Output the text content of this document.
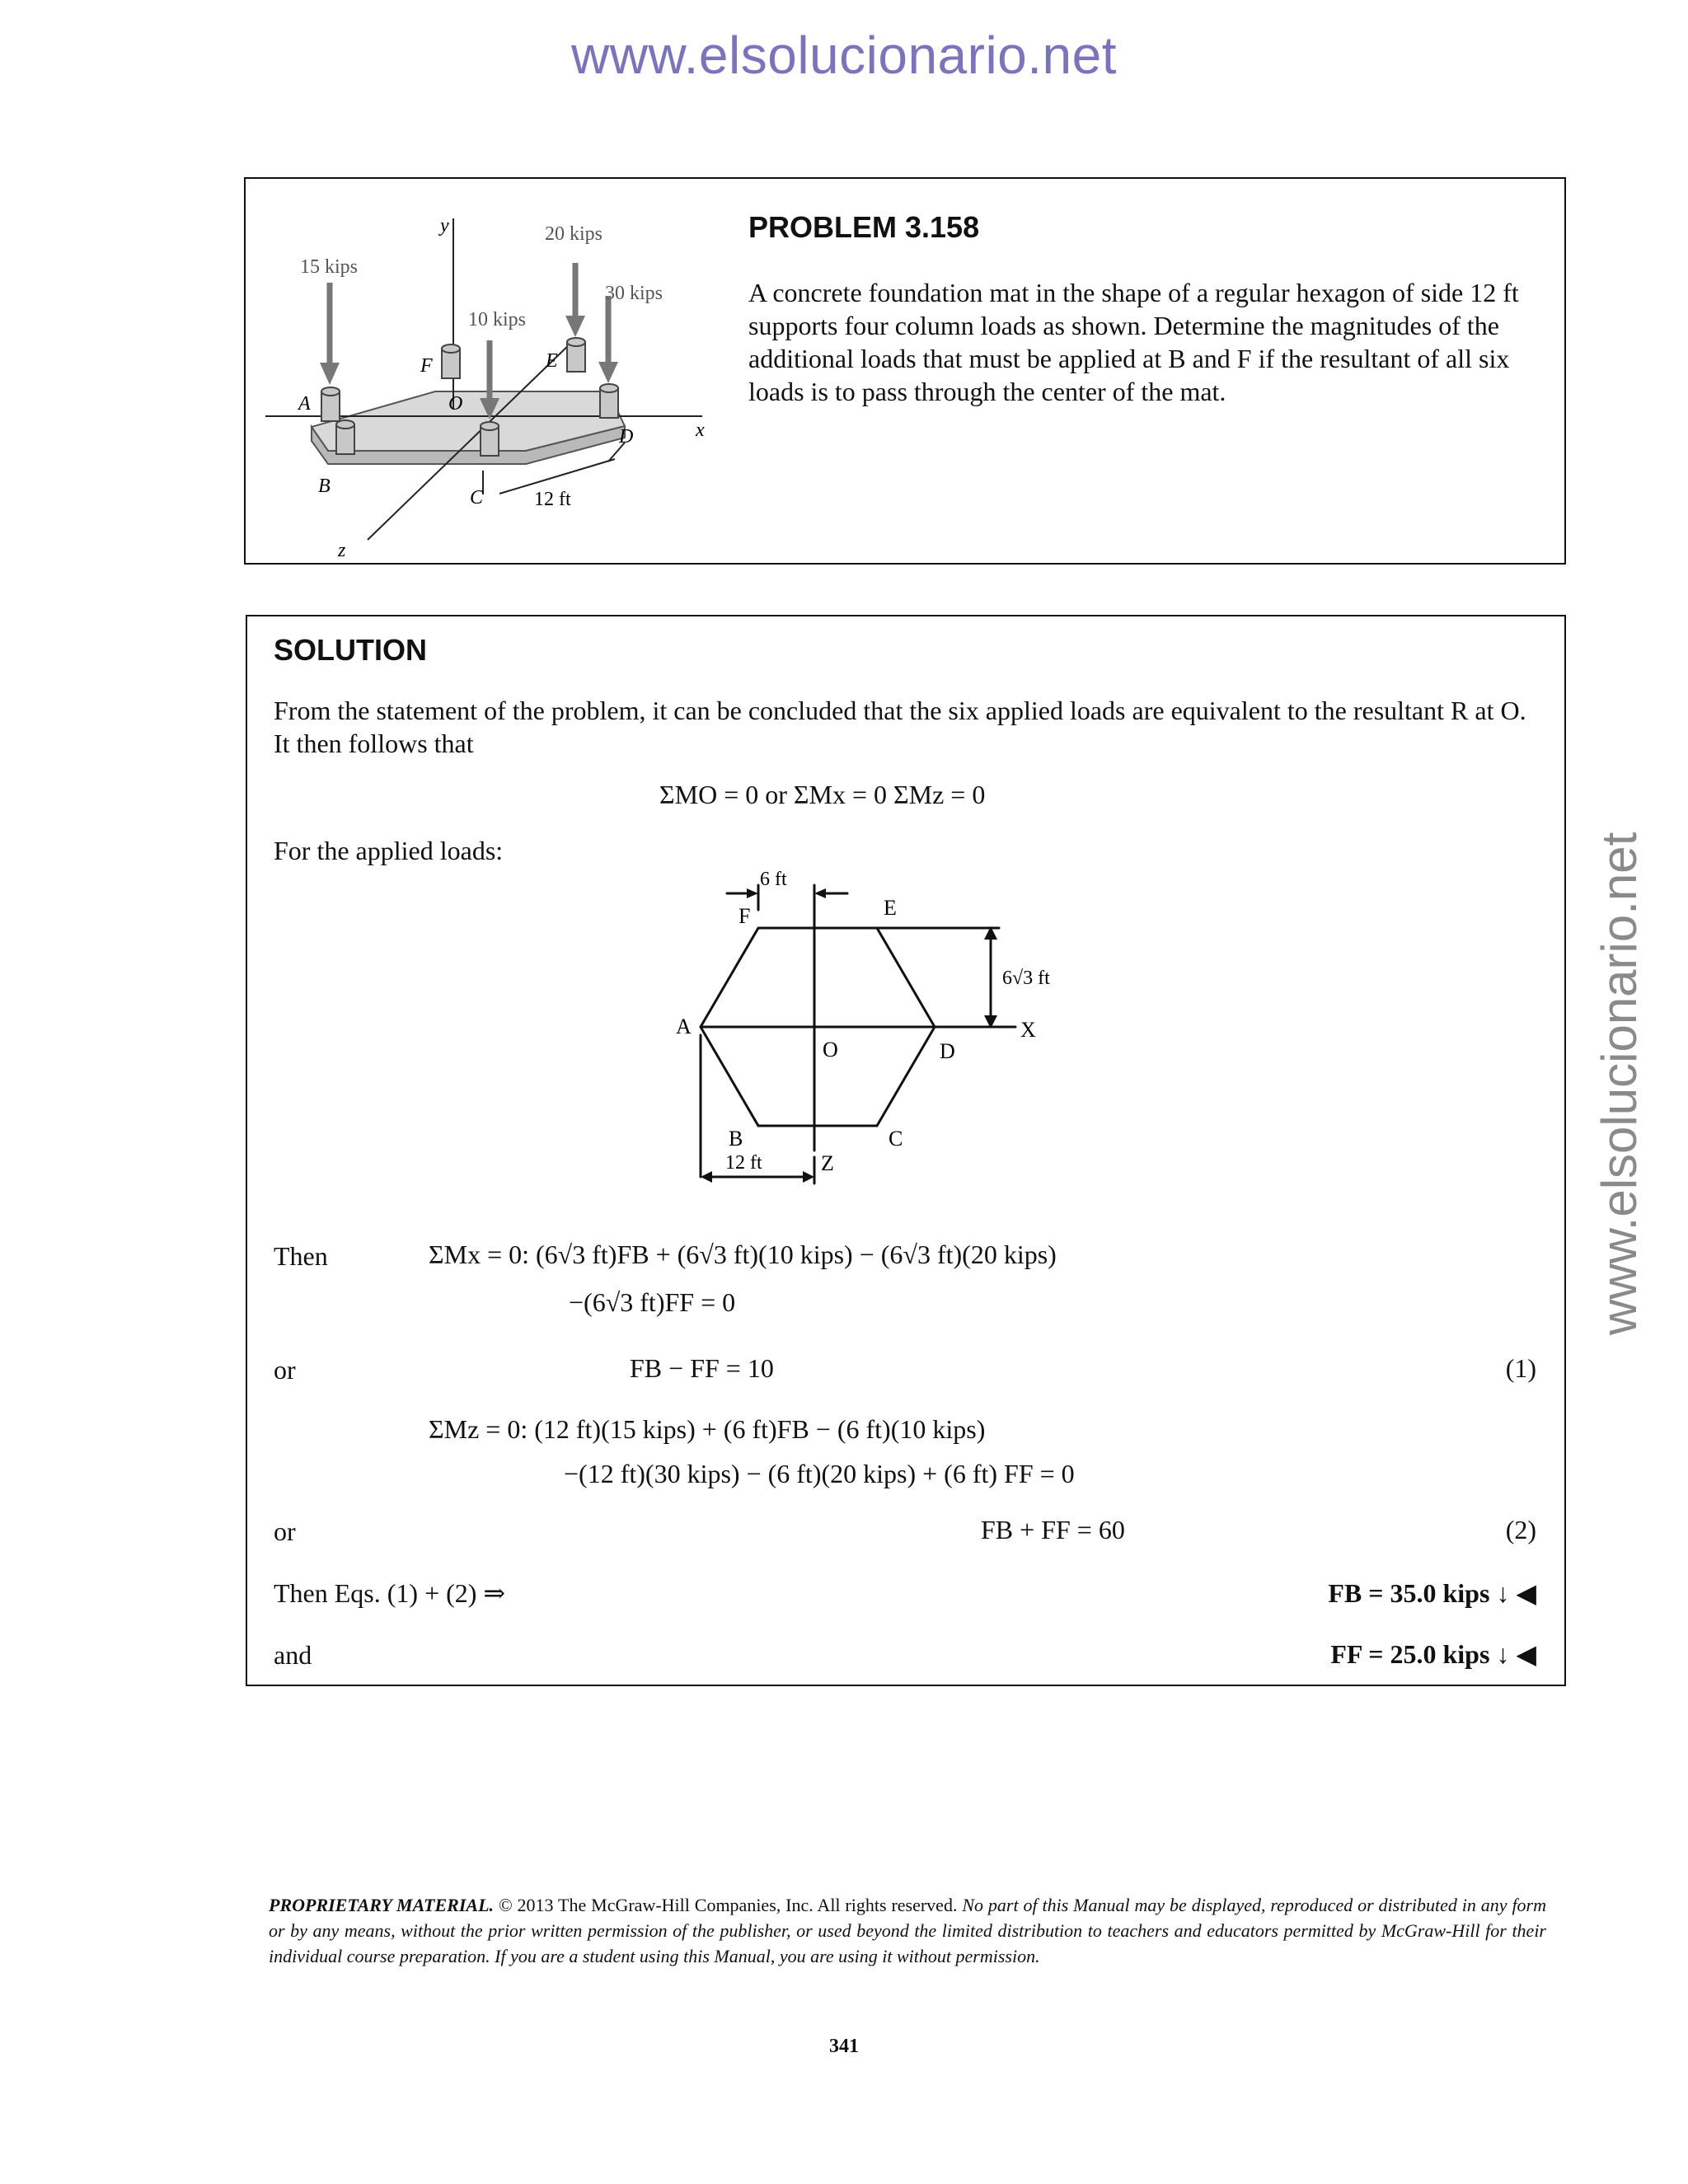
www.elsolucionario.net
www.elsolucionario.net
15 kips
10 kips
20 kips
30 kips
A
B
C
D
E
F
O
x
y
z
12 ft
PROBLEM 3.158
A concrete foundation mat in the shape of a regular hexagon of side 12 ft supports four column loads as shown. Determine the magnitudes of the additional loads that must be applied at B and F if the resultant of all six loads is to pass through the center of the mat.
SOLUTION
From the statement of the problem, it can be concluded that the six applied loads are equivalent to the resultant R at O. It then follows that
ΣMO = 0 or ΣMx = 0 ΣMz = 0
For the applied loads:
F	E
A
O	D
X
B	C
Z
6 ft
6√3 ft
12 ft
Then	ΣMx = 0: (6√3 ft)FB + (6√3 ft)(10 kips) − (6√3 ft)(20 kips)
−(6√3 ft)FF = 0
or	FB − FF = 10	(1)
ΣMz = 0: (12 ft)(15 kips) + (6 ft)FB − (6 ft)(10 kips)
−(12 ft)(30 kips) − (6 ft)(20 kips) + (6 ft) FF = 0
or	FB + FF = 60	(2)
Then Eqs. (1) + (2) ⇒	FB = 35.0 kips ↓ ◀
and	FF = 25.0 kips ↓ ◀
PROPRIETARY MATERIAL. © 2013 The McGraw-Hill Companies, Inc. All rights reserved. No part of this Manual may be displayed, reproduced or distributed in any form or by any means, without the prior written permission of the publisher, or used beyond the limited distribution to teachers and educators permitted by McGraw-Hill for their individual course preparation. If you are a student using this Manual, you are using it without permission.
341
